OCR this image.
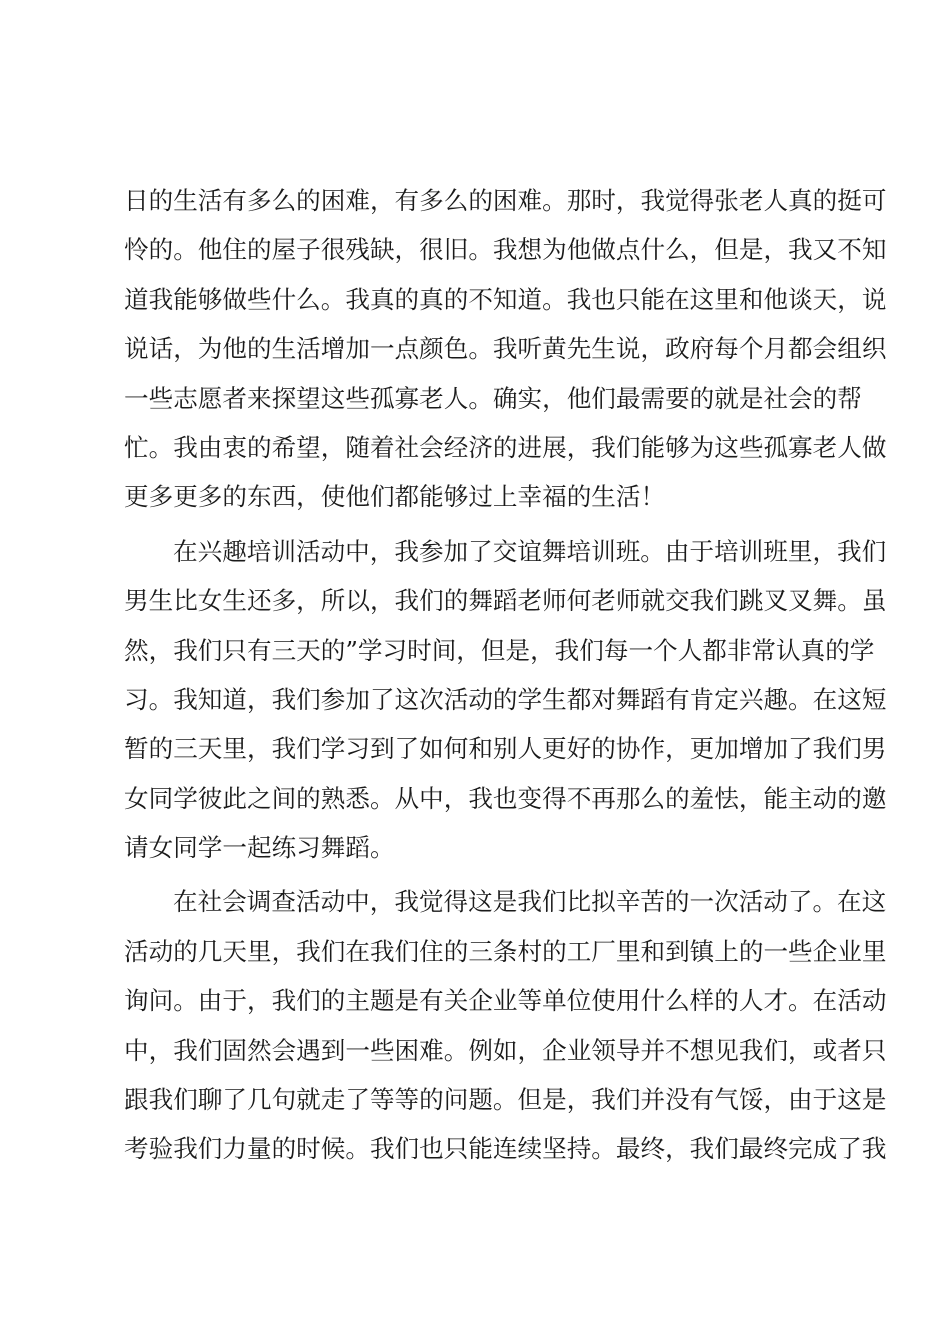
日的生活有多么的困难，有多么的困难。那时，我觉得张老人真的挺可
怜的。他住的屋子很残缺，很旧。我想为他做点什么，但是，我又不知
道我能够做些什么。我真的真的不知道。我也只能在这里和他谈天，说
说话，为他的生活增加一点颜色。我听黄先生说，政府每个月都会组织
一些志愿者来探望这些孤寡老人。确实，他们最需要的就是社会的帮
忙。我由衷的希望，随着社会经济的进展，我们能够为这些孤寡老人做
更多更多的东西，使他们都能够过上幸福的生活！
在兴趣培训活动中，我参加了交谊舞培训班。由于培训班里，我们
男生比女生还多，所以，我们的舞蹈老师何老师就交我们跳叉叉舞。虽
然，我们只有三天的”学习时间，但是，我们每一个人都非常认真的学
习。我知道，我们参加了这次活动的学生都对舞蹈有肯定兴趣。在这短
暂的三天里，我们学习到了如何和别人更好的协作，更加增加了我们男
女同学彼此之间的熟悉。从中，我也变得不再那么的羞怯，能主动的邀
请女同学一起练习舞蹈。
在社会调查活动中，我觉得这是我们比拟辛苦的一次活动了。在这
活动的几天里，我们在我们住的三条村的工厂里和到镇上的一些企业里
询问。由于，我们的主题是有关企业等单位使用什么样的人才。在活动
中，我们固然会遇到一些困难。例如，企业领导并不想见我们，或者只
跟我们聊了几句就走了等等的问题。但是，我们并没有气馁，由于这是
考验我们力量的时候。我们也只能连续坚持。最终，我们最终完成了我
